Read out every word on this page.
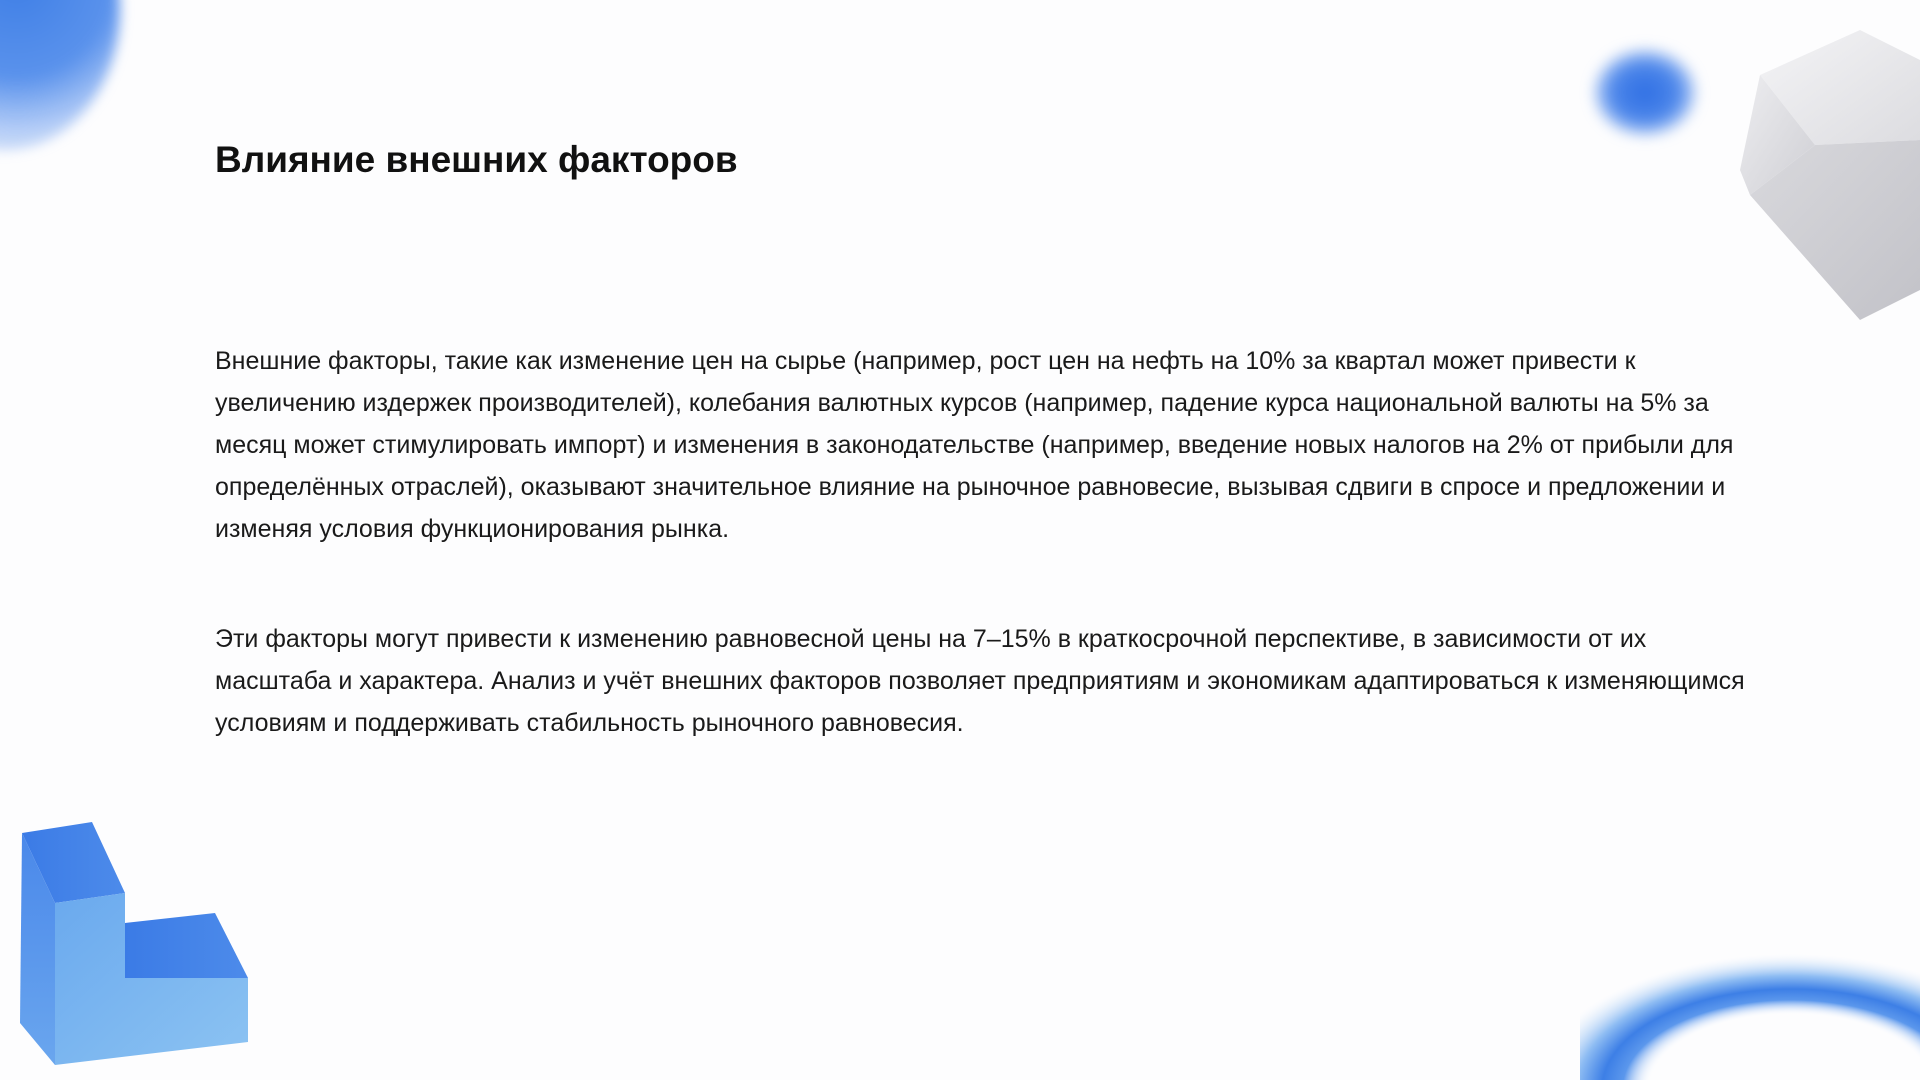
Влияние внешних факторов

Внешние факторы, такие как изменение цен на сырье (например, рост цен на нефть на 10% за квартал может привести к увеличению издержек производителей), колебания валютных курсов (например, падение курса национальной валюты на 5% за месяц может стимулировать импорт) и изменения в законодательстве (например, введение новых налогов на 2% от прибыли для определённых отраслей), оказывают значительное влияние на рыночное равновесие, вызывая сдвиги в спросе и предложении и изменяя условия функционирования рынка.

Эти факторы могут привести к изменению равновесной цены на 7–15% в краткосрочной перспективе, в зависимости от их масштаба и характера. Анализ и учёт внешних факторов позволяет предприятиям и экономикам адаптироваться к изменяющимся условиям и поддерживать стабильность рыночного равновесия.
